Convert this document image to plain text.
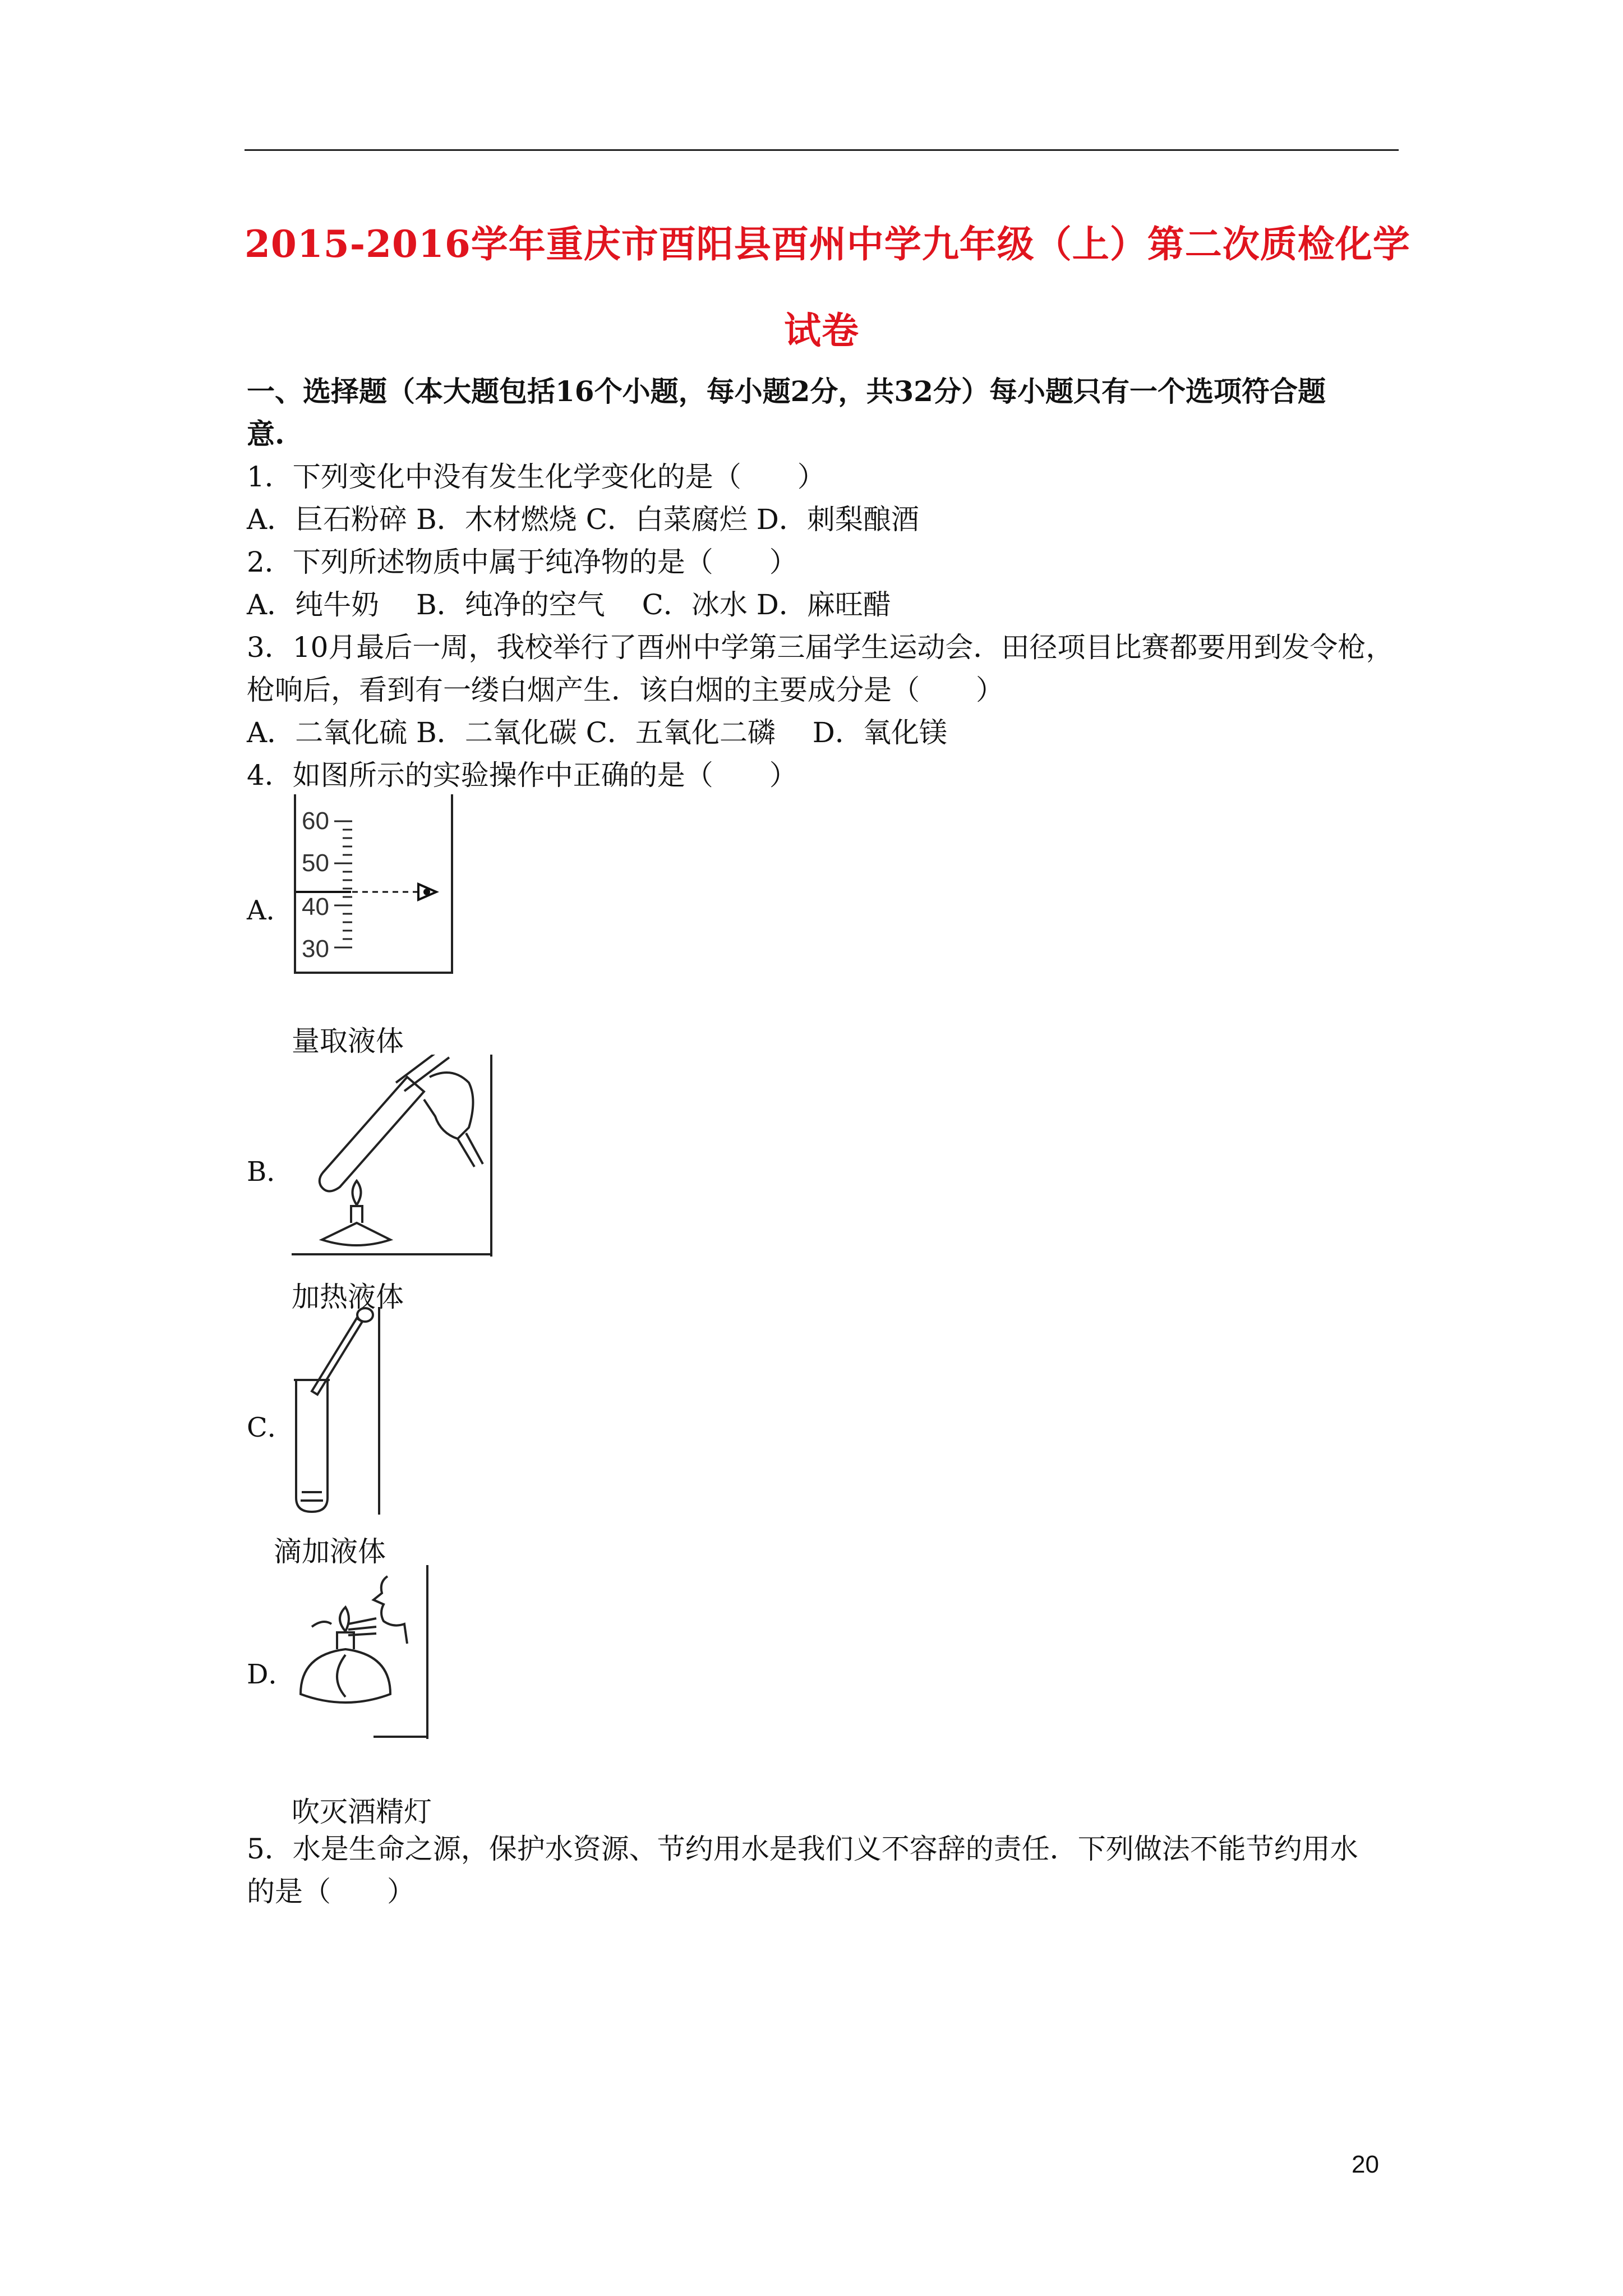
2015-2016学年重庆市酉阳县酉州中学九年级（上）第二次质检化学
试卷
一、选择题（本大题包括16个小题，每小题2分，共32分）每小题只有一个选项符合题
意.
1．下列变化中没有发生化学变化的是（　　）
A．巨石粉碎 B．木材燃烧 C．白菜腐烂 D．刺梨酿酒
2．下列所述物质中属于纯净物的是（　　）
A．纯牛奶　 B．纯净的空气　 C．冰水 D．麻旺醋
3．10月最后一周，我校举行了酉州中学第三届学生运动会．田径项目比赛都要用到发令枪，
枪响后，看到有一缕白烟产生．该白烟的主要成分是（　　）
A．二氧化硫 B．二氧化碳 C．五氧化二磷　 D．氧化镁
4．如图所示的实验操作中正确的是（　　）
A．
60
50
40
30
量取液体
B．
加热液体
C．
滴加液体
D．
吹灭酒精灯
5．水是生命之源，保护水资源、节约用水是我们义不容辞的责任．下列做法不能节约用水
的是（　　）
20
